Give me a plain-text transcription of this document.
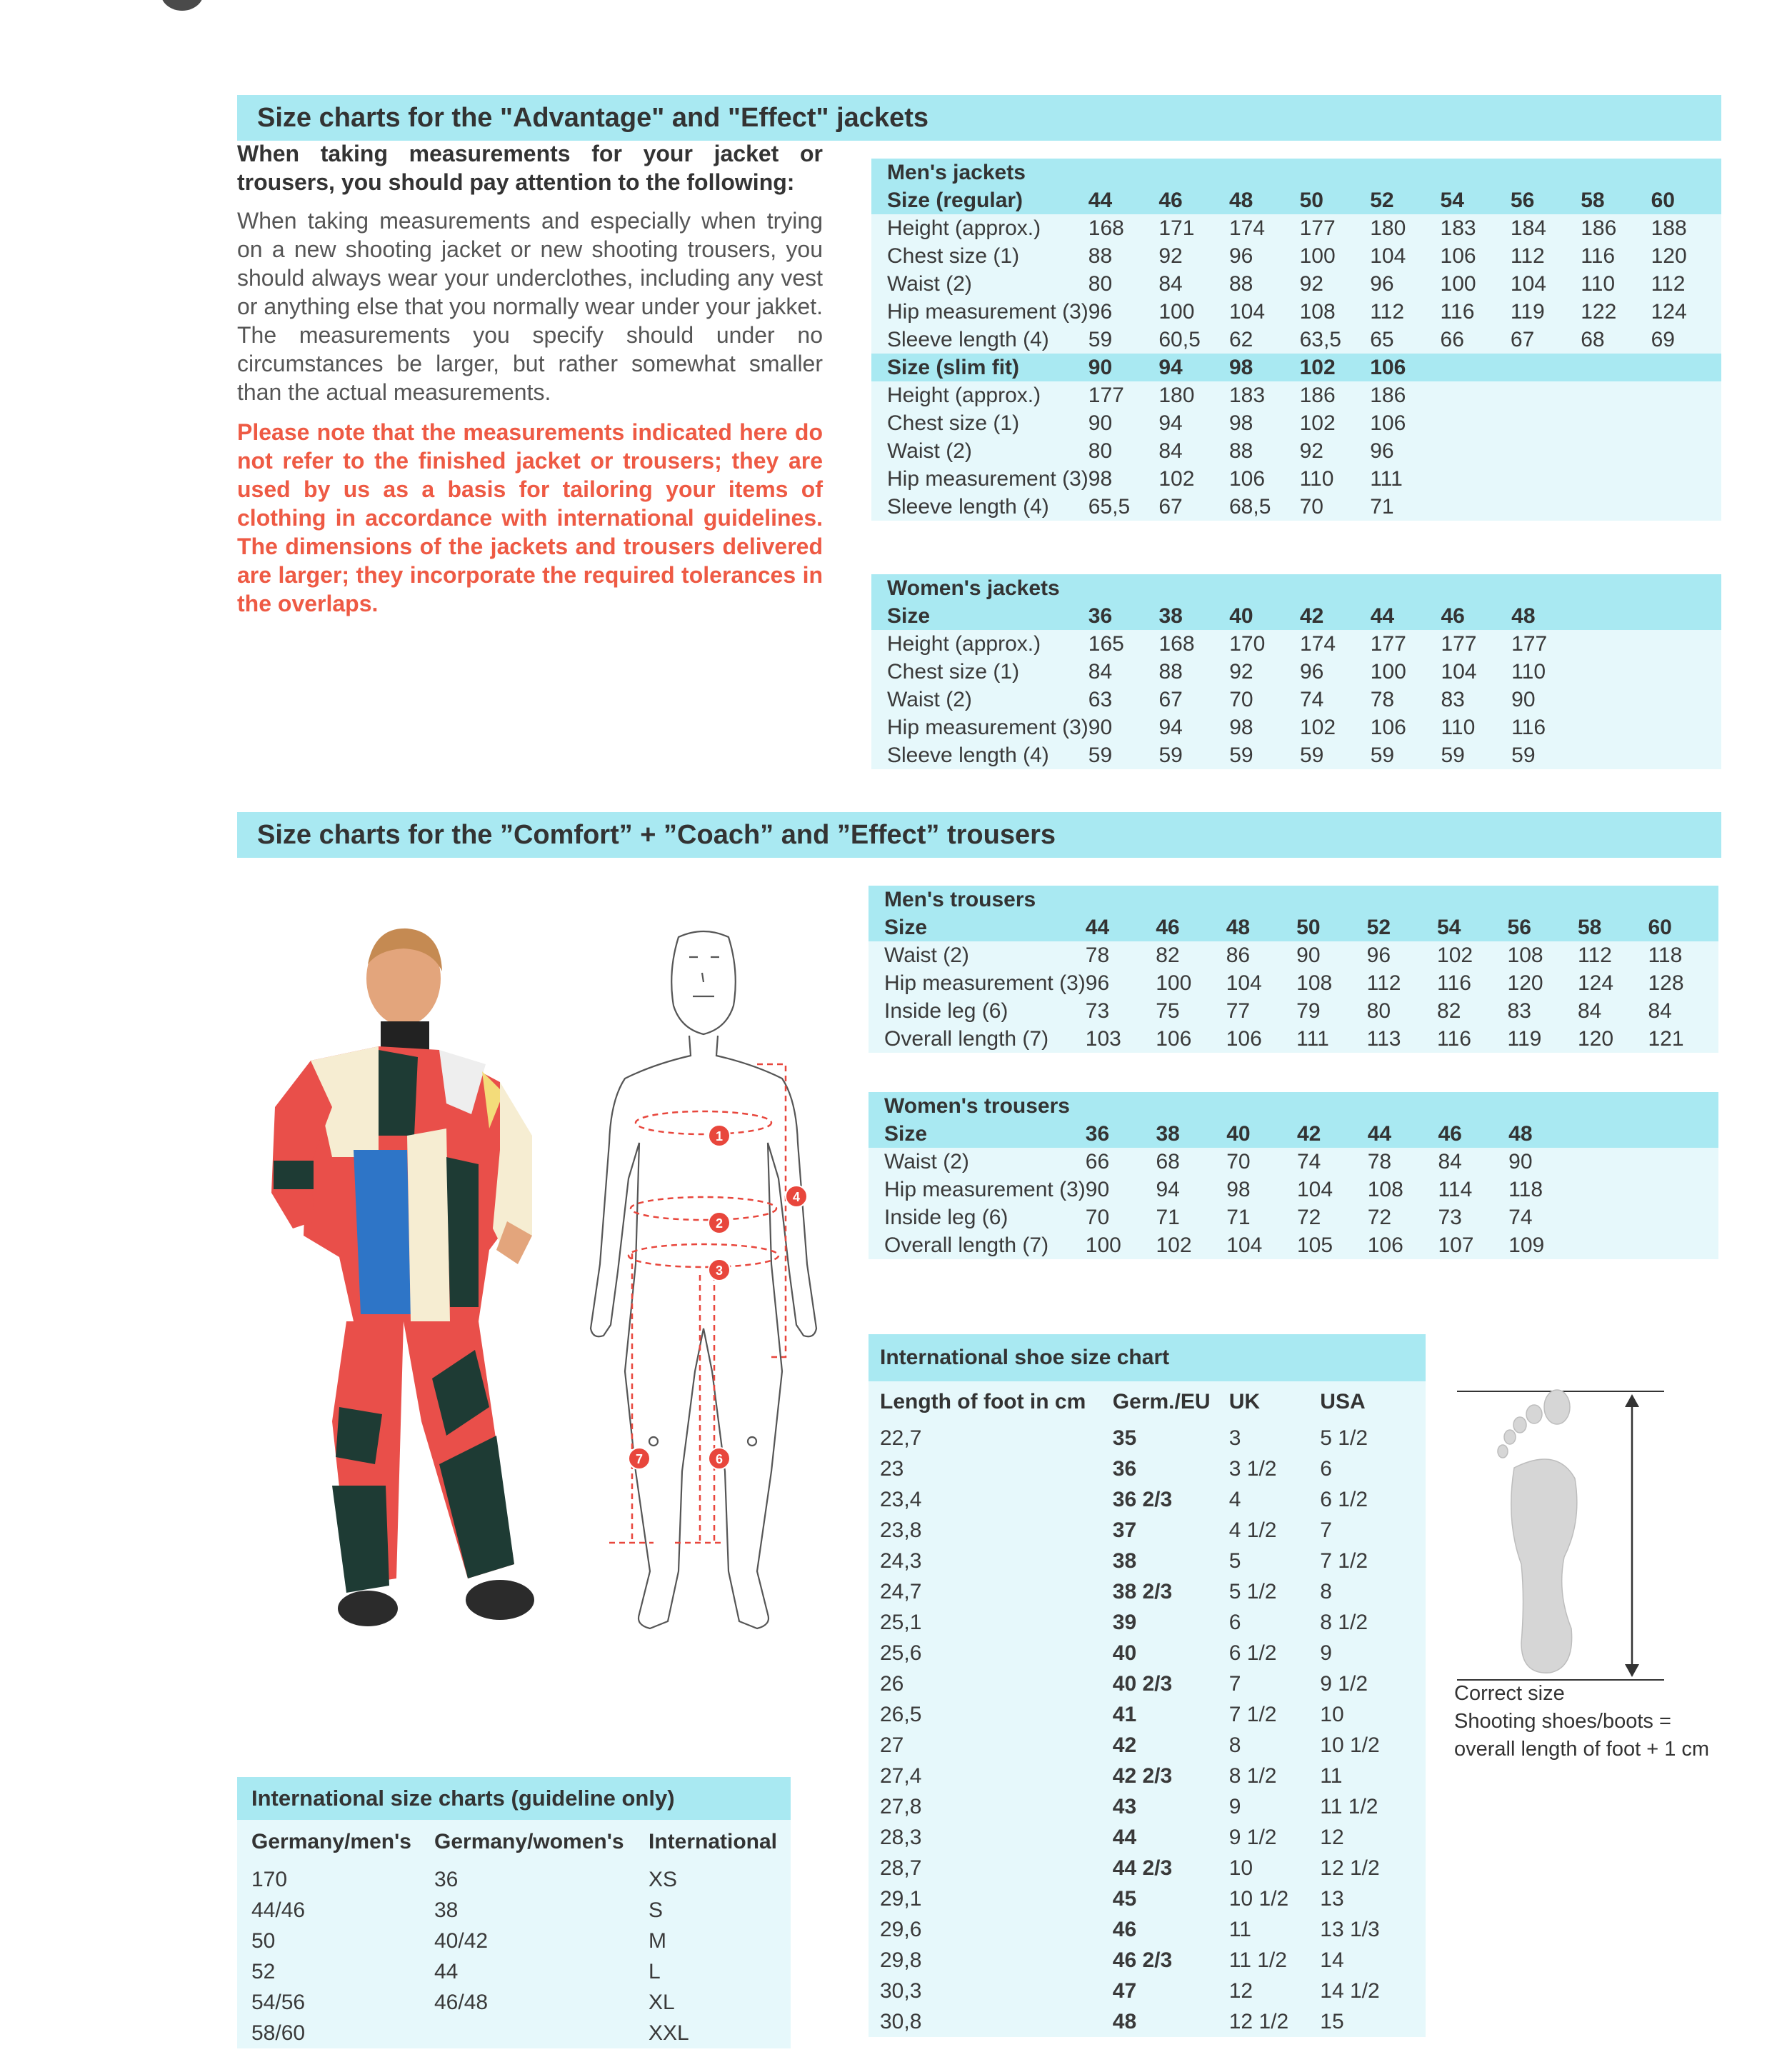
Size charts for the "Advantage" and "Effect" jackets
Size charts for the ”Comfort” + ”Coach” and ”Effect” trousers
When taking measurements for your jacket or trousers, you should pay attention to the following:
When taking measurements and especially when trying on a new shooting jacket or new shooting trousers, you should always wear your underclothes, including any vest or anything else that you normally wear under your jakket. The measurements you specify should under no circumstances be larger, but rather somewhat smaller than the actual measurements.
Please note that the measurements indicated here do not refer to the finished jacket or trousers; they are used by us as a basis for tailoring your items of clothing in accordance with international guidelines. The dimensions of the jackets and trousers delivered are larger; they incorporate the required tolerances in the overlaps.
Men's jackets									
Size (regular)	44	46	48	50	52	54	56	58	60
Height (approx.)	168	171	174	177	180	183	184	186	188
Chest size (1)	88	92	96	100	104	106	112	116	120
Waist (2)	80	84	88	92	96	100	104	110	112
Hip measurement (3)	96	100	104	108	112	116	119	122	124
Sleeve length (4)	59	60,5	62	63,5	65	66	67	68	69
Size (slim fit)	90	94	98	102	106				
Height (approx.)	177	180	183	186	186				
Chest size (1)	90	94	98	102	106				
Waist (2)	80	84	88	92	96				
Hip measurement (3)	98	102	106	110	111				
Sleeve length (4)	65,5	67	68,5	70	71				
Women's jackets									
Size	36	38	40	42	44	46	48		
Height (approx.)	165	168	170	174	177	177	177		
Chest size (1)	84	88	92	96	100	104	110		
Waist (2)	63	67	70	74	78	83	90		
Hip measurement (3)	90	94	98	102	106	110	116		
Sleeve length (4)	59	59	59	59	59	59	59		
Men's trousers									
Size	44	46	48	50	52	54	56	58	60
Waist (2)	78	82	86	90	96	102	108	112	118
Hip measurement (3)	96	100	104	108	112	116	120	124	128
Inside leg (6)	73	75	77	79	80	82	83	84	84
Overall length (7)	103	106	106	111	113	116	119	120	121
Women's trousers									
Size	36	38	40	42	44	46	48		
Waist (2)	66	68	70	74	78	84	90		
Hip measurement (3)	90	94	98	104	108	114	118		
Inside leg (6)	70	71	71	72	72	73	74		
Overall length (7)	100	102	104	105	106	107	109		
1
2
3
4
6
7
International shoe size chart
Length of foot in cm	Germ./EU	UK	USA
22,7	35	3	5 1/2
23	36	3 1/2	6
23,4	36 2/3	4	6 1/2
23,8	37	4 1/2	7
24,3	38	5	7 1/2
24,7	38 2/3	5 1/2	8
25,1	39	6	8 1/2
25,6	40	6 1/2	9
26	40 2/3	7	9 1/2
26,5	41	7 1/2	10
27	42	8	10 1/2
27,4	42 2/3	8 1/2	11
27,8	43	9	11 1/2
28,3	44	9 1/2	12
28,7	44 2/3	10	12 1/2
29,1	45	10 1/2	13
29,6	46	11	13 1/3
29,8	46 2/3	11 1/2	14
30,3	47	12	14 1/2
30,8	48	12 1/2	15
Correct size
Shooting shoes/boots =
overall length of foot + 1 cm
International size charts (guideline only)
Germany/men's	Germany/women's	International
170	36	XS
44/46	38	S
50	40/42	M
52	44	L
54/56	46/48	XL
58/60		XXL
